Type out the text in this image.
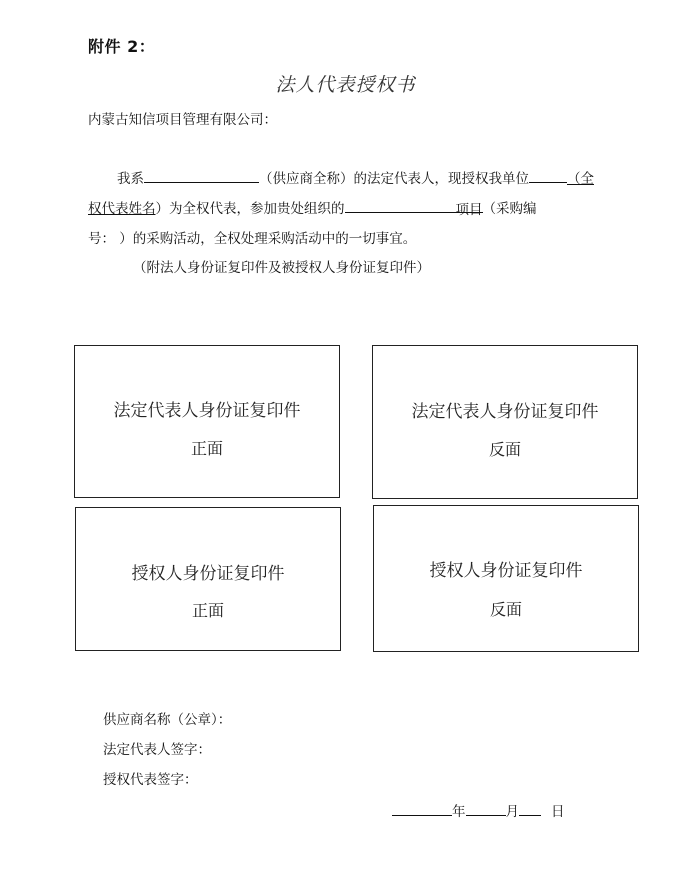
附件 2：
法人代表授权书
内蒙古知信项目管理有限公司：
我系	（供应商全称）的法定代表人，现授权我单位	（全
权代表姓名）为全权代表，参加贵处组织的	项目 （采购编
号： ）的采购活动，全权处理采购活动中的一切事宜。
（附法人身份证复印件及被授权人身份证复印件）
法定代表人身份证复印件
正面
法定代表人身份证复印件
反面
授权人身份证复印件
正面
授权人身份证复印件
反面
供应商名称（公章）：
法定代表人签字：
授权代表签字：
年	月 日
